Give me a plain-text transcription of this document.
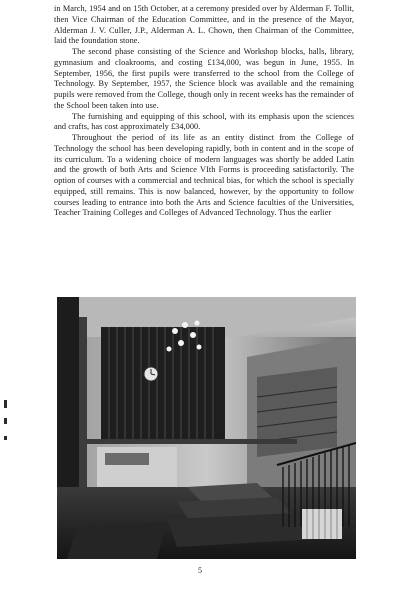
in March, 1954 and on 15th October, at a ceremony presided over by Alderman F. Tollit, then Vice Chairman of the Education Committee, and in the presence of the Mayor, Alderman J. V. Culler, J.P., Alderman A. L. Chown, then Chairman of the Committee, laid the foundation stone.

The second phase consisting of the Science and Workshop blocks, halls, library, gymnasium and cloakrooms, and costing £134,000, was begun in June, 1955. In September, 1956, the first pupils were transferred to the school from the College of Technology. By September, 1957, the Science block was available and the remaining pupils were removed from the College, though only in recent weeks has the remainder of the School been taken into use.

The furnishing and equipping of this school, with its emphasis upon the sciences and crafts, has cost approximately £34,000.

Throughout the period of its life as an entity distinct from the College of Technology the school has been developing rapidly, both in content and in the scope of its curriculum. To a widening choice of modern languages was shortly be added Latin and the growth of both Arts and Science VIth Forms is proceeding satisfactorily. The option of courses with a commercial and technical bias, for which the school is specially equipped, still remains. This is now balanced, however, by the opportunity to follow courses leading to entrance into both the Arts and Science faculties of the Universities, Teacher Training Colleges and Colleges of Advanced Technology. Thus the earlier

5
